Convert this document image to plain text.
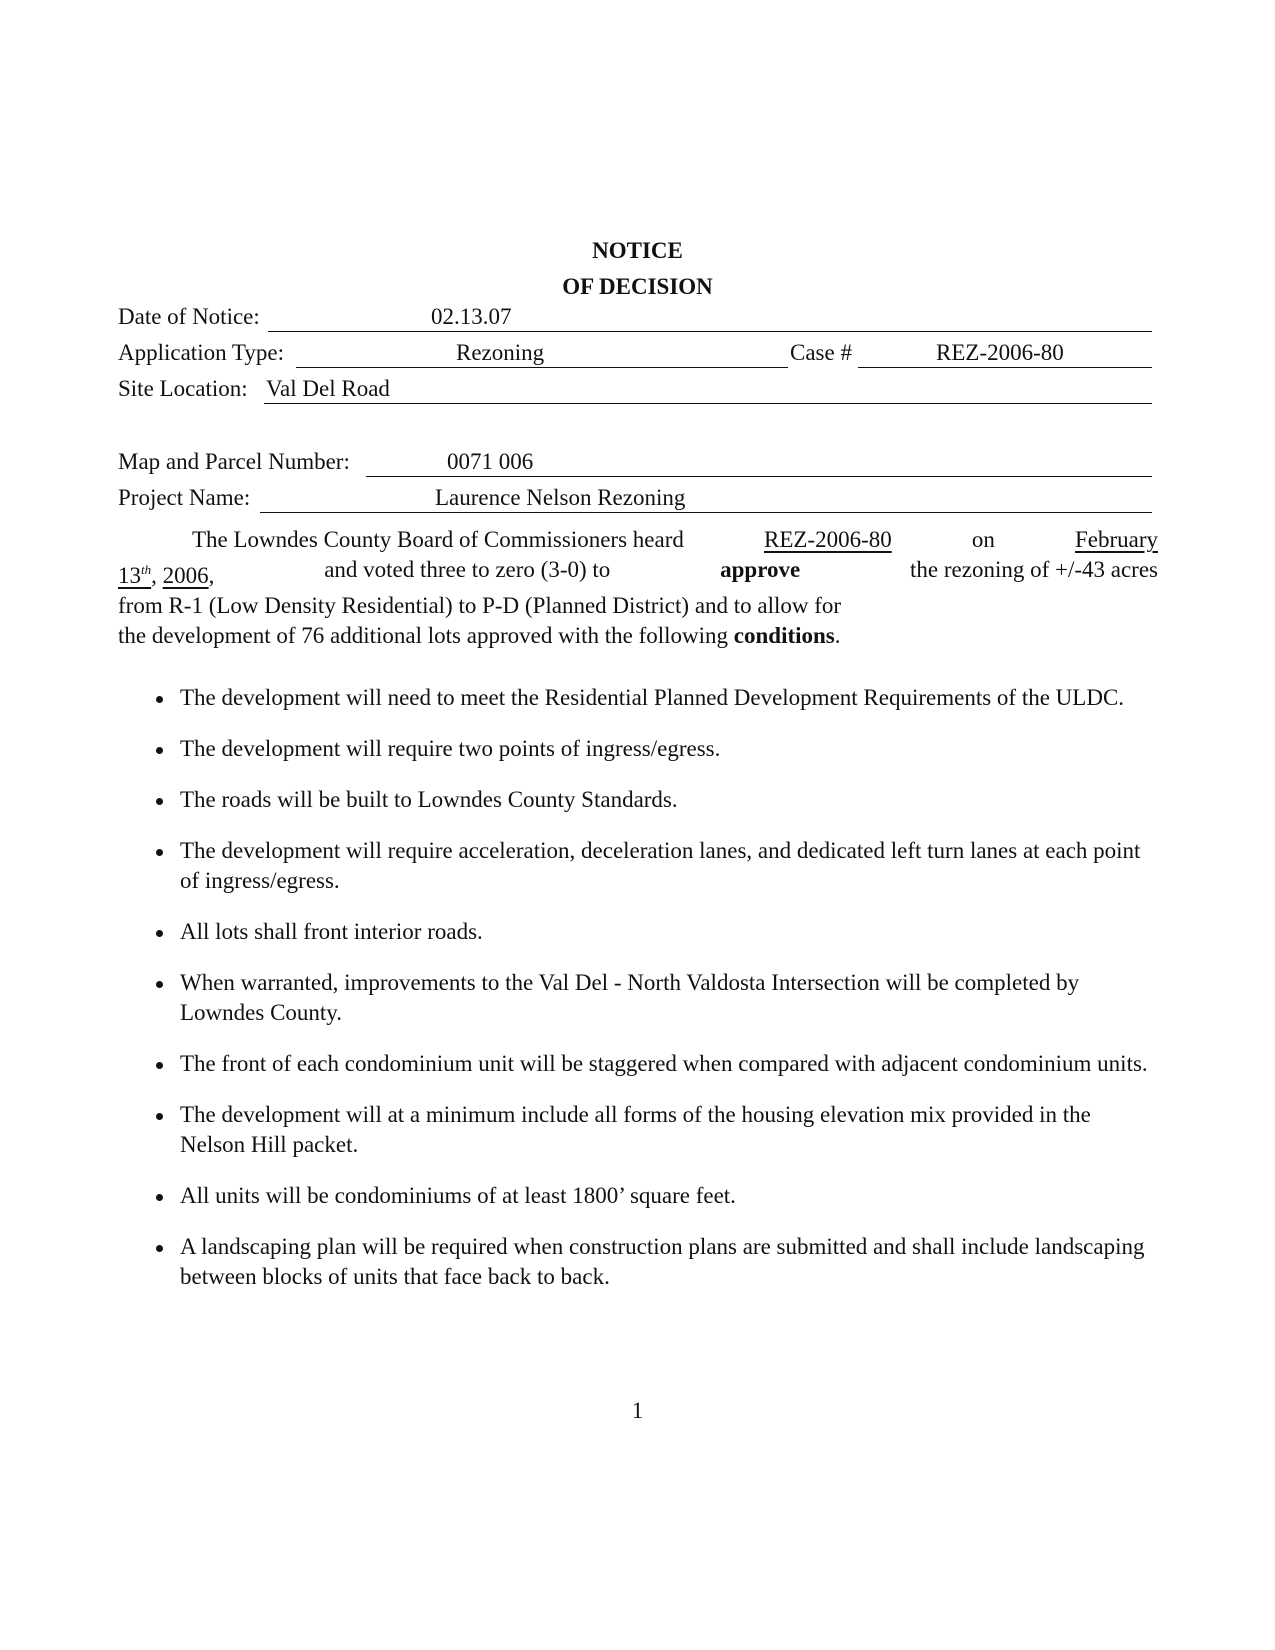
NOTICE
OF DECISION
Date of Notice:	02.13.07
Application Type:	Rezoning	Case #	REZ-2006-80
Site Location: Val Del Road
Map and Parcel Number:	0071 006
Project Name:	Laurence Nelson Rezoning
The Lowndes County Board of Commissioners heard	REZ-2006-80	on	February
13th, 2006,	and voted three to zero (3-0) to	approve	the rezoning of +/-43 acres
from R-1 (Low Density Residential) to P-D (Planned District) and to allow for
the development of 76 additional lots approved with the following
conditions .
The development will need to meet the Residential Planned Development Requirements of the ULDC.
The development will require two points of ingress/egress.
The roads will be built to Lowndes County Standards.
The development will require acceleration, deceleration lanes, and dedicated left turn lanes at each point of ingress/egress.
All lots shall front interior roads.
When warranted, improvements to the Val Del - North Valdosta Intersection will be completed by Lowndes County.
The front of each condominium unit will be staggered when compared with adjacent condominium units.
The development will at a minimum include all forms of the housing elevation mix provided in the Nelson Hill packet.
All units will be condominiums of at least 1800’ square feet.
A landscaping plan will be required when construction plans are submitted and shall include landscaping between blocks of units that face back to back.
1
